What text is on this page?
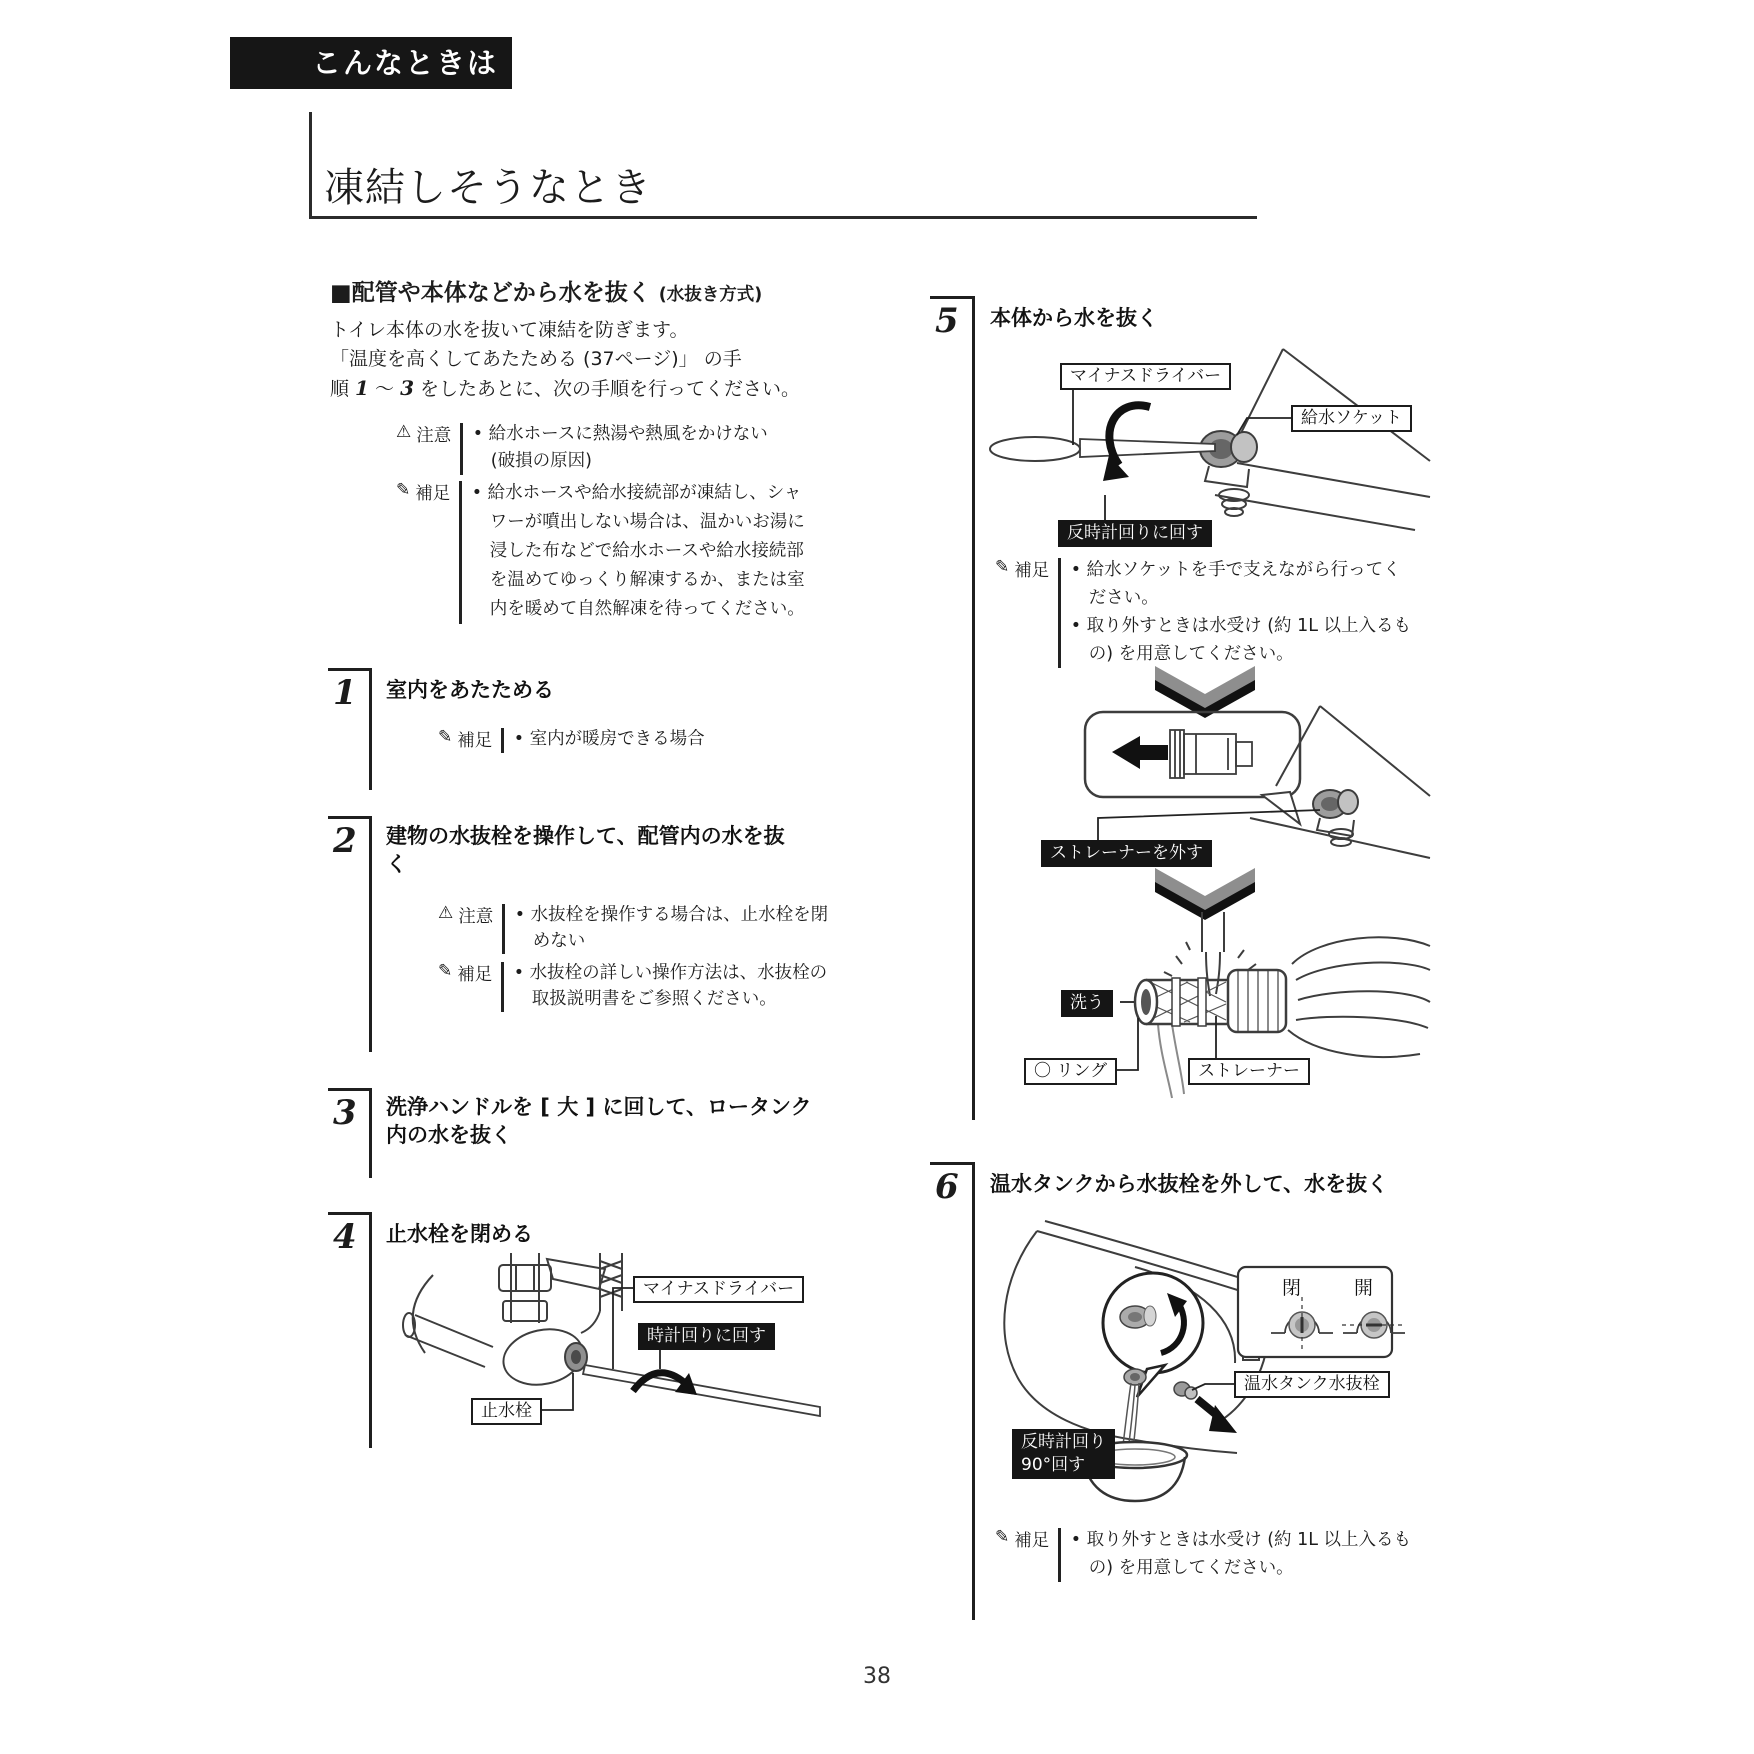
こんなときは
凍結しそうなとき
■配管や本体などから水を抜く (水抜き方式)
トイレ本体の水を抜いて凍結を防ぎます。
「温度を高くしてあたためる (37ページ)」 の手
順 1 ～ 3 をしたあとに、次の手順を行ってください。
⚠ 注意 • 給水ホースに熱湯や熱風をかけない
(破損の原因)
✎ 補足 • 給水ホースや給水接続部が凍結し、シャ
ワーが噴出しない場合は、温かいお湯に
浸した布などで給水ホースや給水接続部
を温めてゆっくり解凍するか、または室
内を暖めて自然解凍を待ってください。
1	室内をあたためる
✎ 補足 • 室内が暖房できる場合
2	建物の水抜栓を操作して、配管内の水を抜
く
⚠ 注意 • 水抜栓を操作する場合は、止水栓を閉
めない
✎ 補足 • 水抜栓の詳しい操作方法は、水抜栓の
取扱説明書をご参照ください。
3	洗浄ハンドルを [ 大 ] に回して、ロータンク
内の水を抜く
4	止水栓を閉める
マイナスドライバー
時計回りに回す
止水栓
5	本体から水を抜く
マイナスドライバー
給水ソケット
反時計回りに回す
✎ 補足 • 給水ソケットを手で支えながら行ってく
ださい。
• 取り外すときは水受け (約 1L 以上入るも
の) を用意してください。
ストレーナーを外す
洗う
〇 リング	ストレーナー
6	温水タンクから水抜栓を外して、水を抜く
閉	開
温水タンク水抜栓
反時計回り
90°回す
✎ 補足 • 取り外すときは水受け (約 1L 以上入るも
の) を用意してください。
38
